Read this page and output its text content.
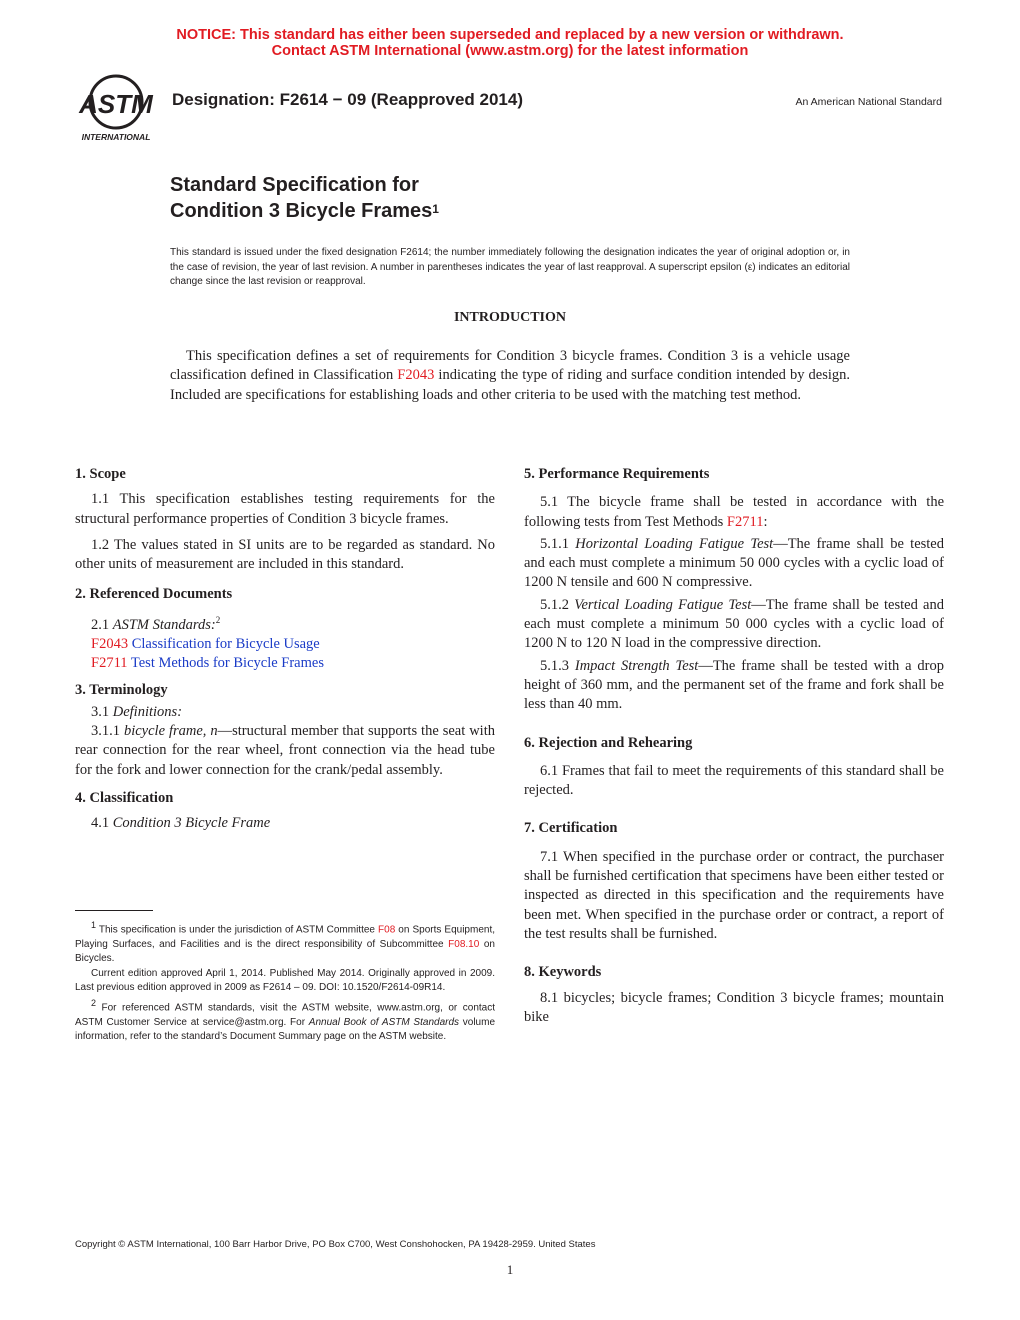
NOTICE: This standard has either been superseded and replaced by a new version or withdrawn.
Contact ASTM International (www.astm.org) for the latest information
ASTM
INTERNATIONAL
Designation: F2614 − 09 (Reapproved 2014)	An American National Standard
Standard Specification for
Condition 3 Bicycle Frames$^1$
This standard is issued under the fixed designation F2614; the number immediately following the designation indicates the year of original adoption or, in the case of revision, the year of last revision. A number in parentheses indicates the year of last reapproval. A superscript epsilon (ε) indicates an editorial change since the last revision or reapproval.
INTRODUCTION
This specification defines a set of requirements for Condition 3 bicycle frames. Condition 3 is a vehicle usage classification defined in Classification F2043 indicating the type of riding and surface condition intended by design. Included are specifications for establishing loads and other criteria to be used with the matching test method.

1. Scope

1.1 This specification establishes testing requirements for the structural performance properties of Condition 3 bicycle frames.

1.2 The values stated in SI units are to be regarded as standard. No other units of measurement are included in this standard.

2. Referenced Documents

2.1 ASTM Standards:$^2$

F2043 Classification for Bicycle Usage

F2711 Test Methods for Bicycle Frames

3. Terminology

3.1 Definitions:

3.1.1 bicycle frame, n—structural member that supports the seat with rear connection for the rear wheel, front connection via the head tube for the fork and lower connection for the crank/pedal assembly.

4. Classification

4.1 Condition 3 Bicycle Frame

$^1$ This specification is under the jurisdiction of ASTM Committee F08 on Sports Equipment, Playing Surfaces, and Facilities and is the direct responsibility of Subcommittee F08.10 on Bicycles.

Current edition approved April 1, 2014. Published May 2014. Originally approved in 2009. Last previous edition approved in 2009 as F2614 – 09. DOI: 10.1520/F2614-09R14.

$^2$ For referenced ASTM standards, visit the ASTM website, www.astm.org, or contact ASTM Customer Service at service@astm.org. For Annual Book of ASTM Standards volume information, refer to the standard’s Document Summary page on the ASTM website.

5. Performance Requirements

5.1 The bicycle frame shall be tested in accordance with the following tests from Test Methods F2711:

5.1.1 Horizontal Loading Fatigue Test—The frame shall be tested and each must complete a minimum 50 000 cycles with a cyclic load of 1200 N tensile and 600 N compressive.

5.1.2 Vertical Loading Fatigue Test—The frame shall be tested and each must complete a minimum 50 000 cycles with a cyclic load of 1200 N to 120 N load in the compressive direction.

5.1.3 Impact Strength Test—The frame shall be tested with a drop height of 360 mm, and the permanent set of the frame and fork shall be less than 40 mm.

6. Rejection and Rehearing

6.1 Frames that fail to meet the requirements of this standard shall be rejected.

7. Certification

7.1 When specified in the purchase order or contract, the purchaser shall be furnished certification that specimens have been either tested or inspected as directed in this specification and the requirements have been met. When specified in the purchase order or contract, a report of the test results shall be furnished.

8. Keywords

8.1 bicycles; bicycle frames; Condition 3 bicycle frames; mountain bike

Copyright © ASTM International, 100 Barr Harbor Drive, PO Box C700, West Conshohocken, PA 19428-2959. United States
1
